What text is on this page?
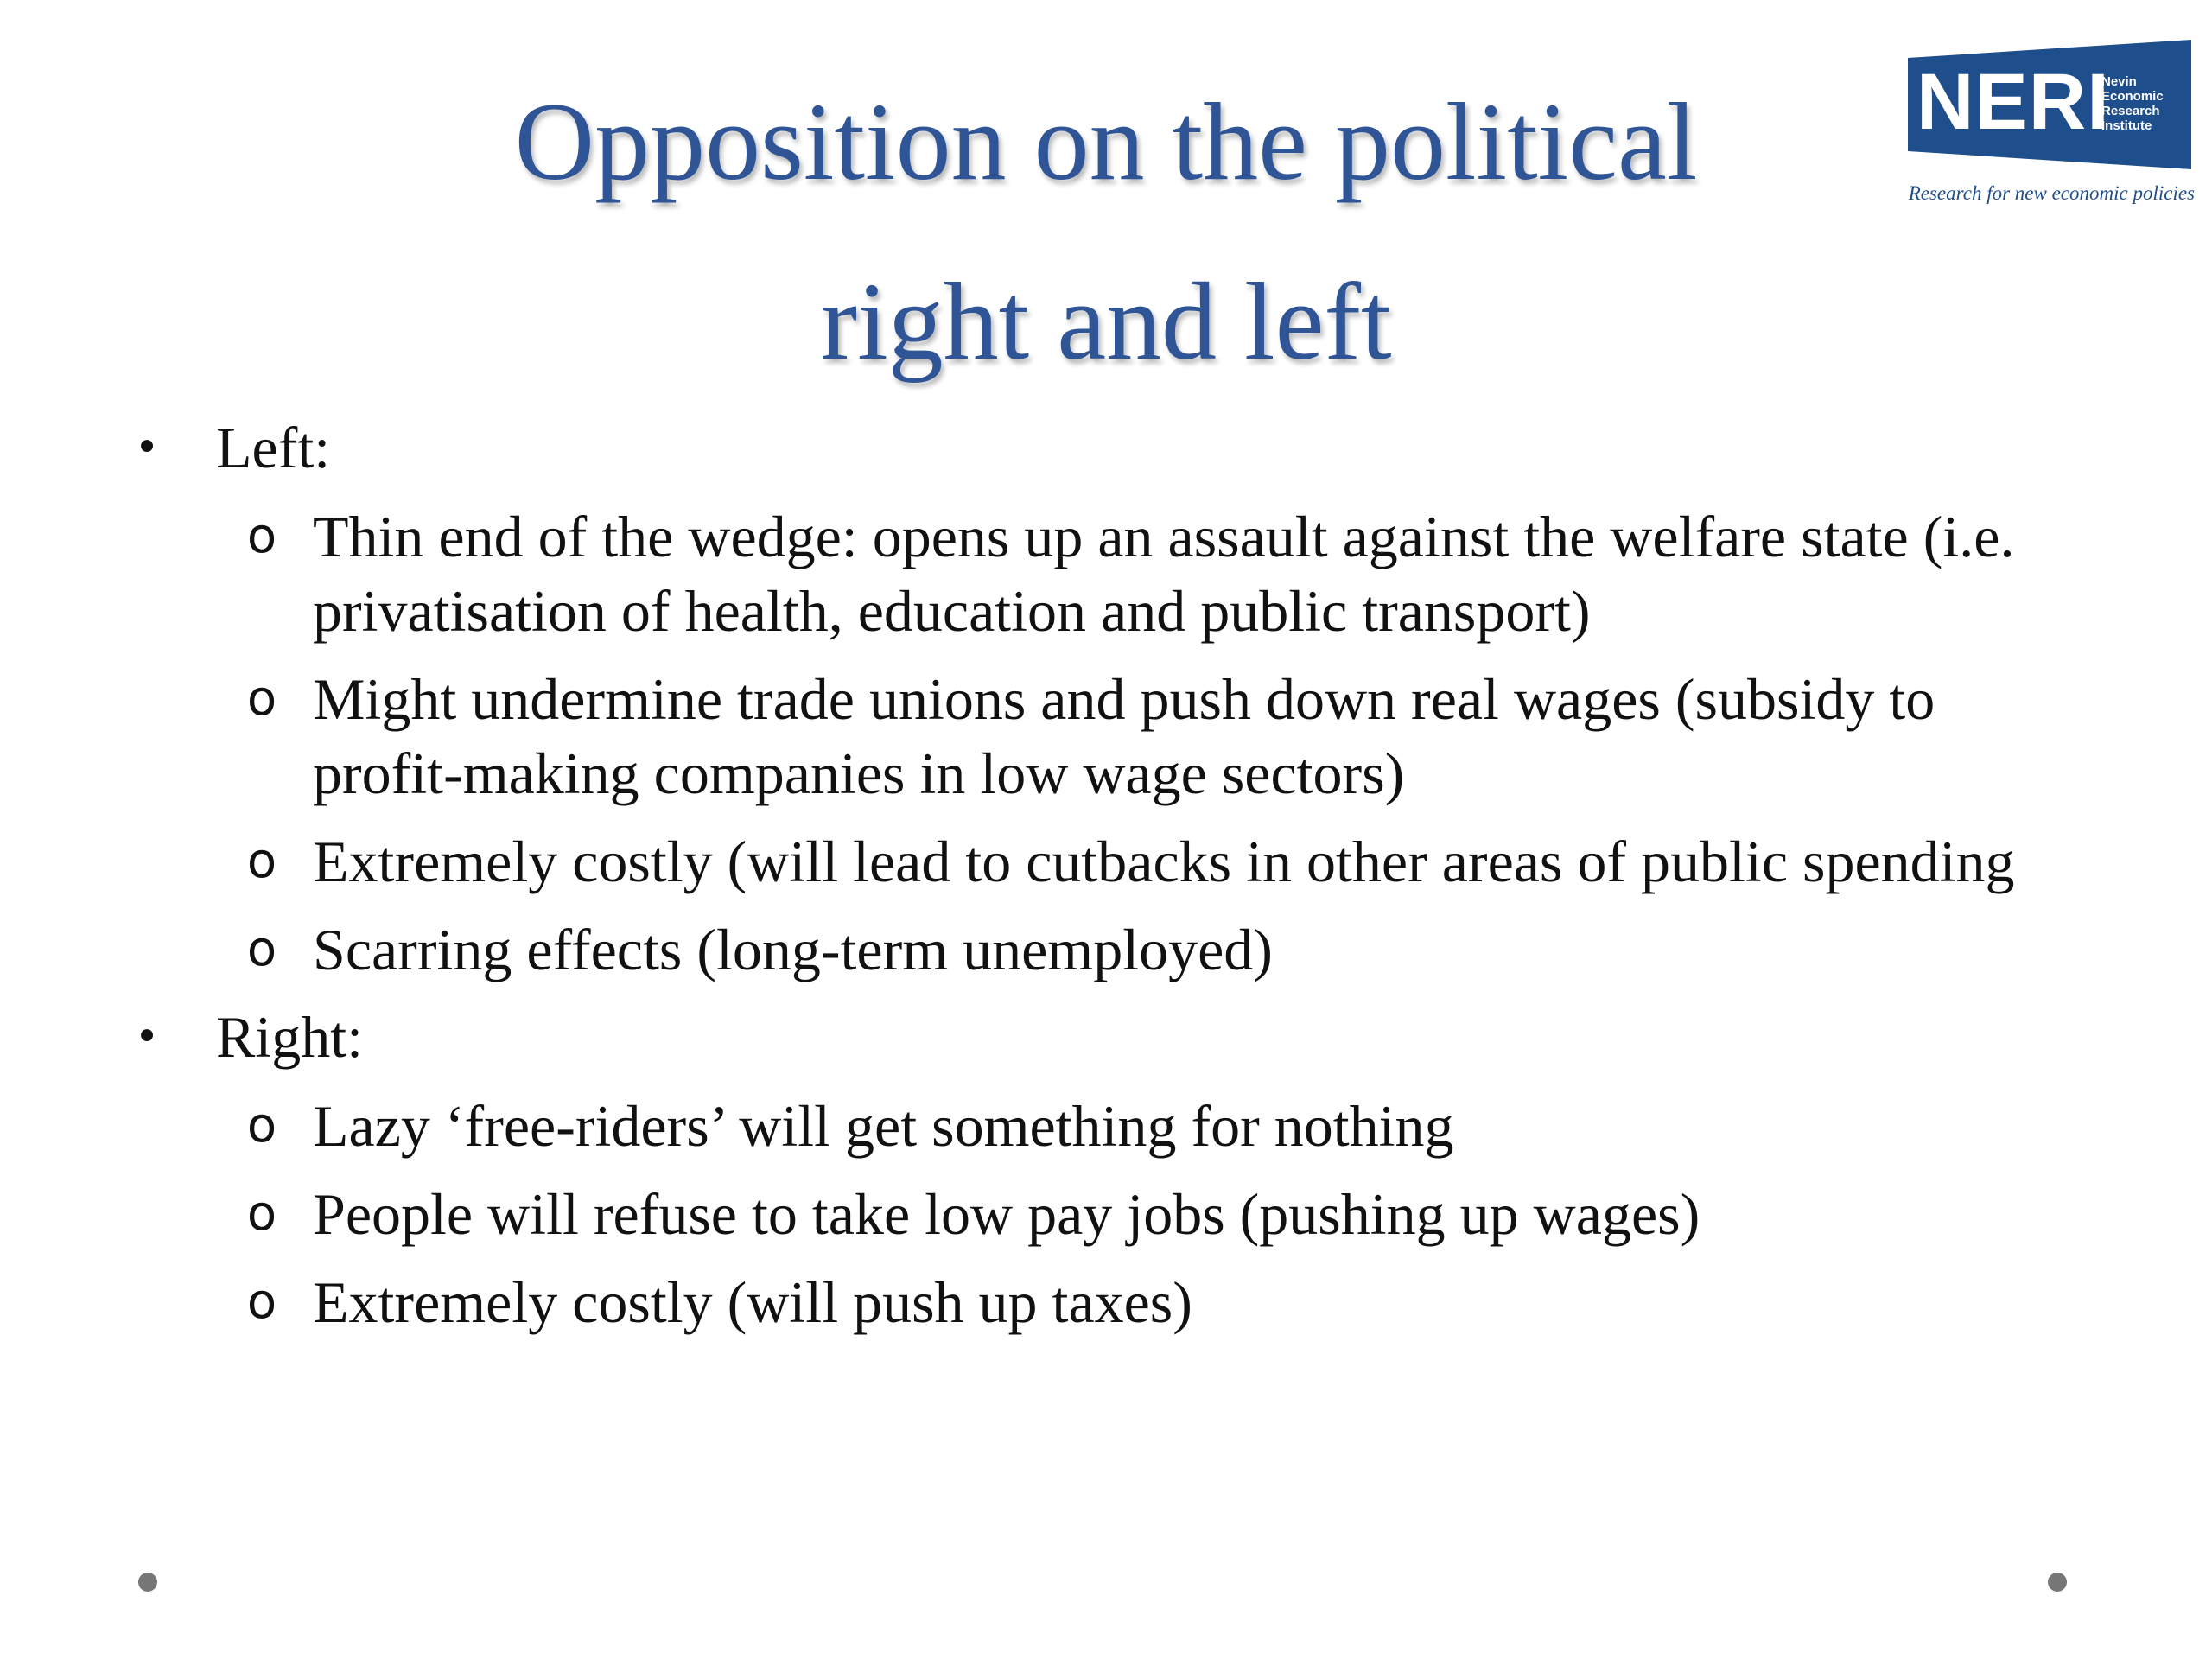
Opposition on the political
right and left
NERI
Nevin
Economic
Research
Institute
Research for new economic policies
• Left:
o Thin end of the wedge: opens up an assault against the welfare state (i.e. privatisation of health, education and public transport)
o Might undermine trade unions and push down real wages (subsidy to profit-making companies in low wage sectors)
o Extremely costly (will lead to cutbacks in other areas of public spending
o Scarring effects (long-term unemployed)
• Right:
o Lazy ‘free-riders’ will get something for nothing
o People will refuse to take low pay jobs (pushing up wages)
o Extremely costly (will push up taxes)
